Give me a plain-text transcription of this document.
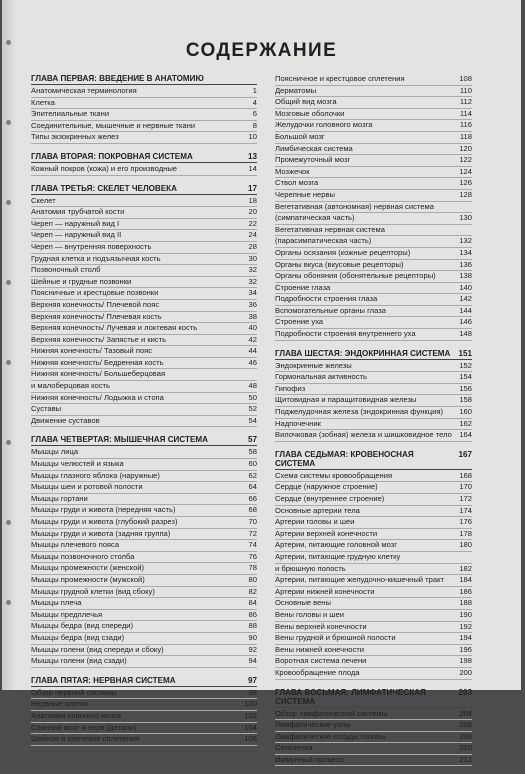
СОДЕРЖАНИЕ
ГЛАВА ПЕРВАЯ: ВВЕДЕНИЕ В АНАТОМИЮ
Анатомическая терминология	1
Клетка	4
Эпителиальные ткани	6
Соединительные, мышечные и нервные ткани	8
Типы экзокринных желез	10
ГЛАВА ВТОРАЯ: ПОКРОВНАЯ СИСТЕМА	13
Кожный покров (кожа) и его производные	14
ГЛАВА ТРЕТЬЯ: СКЕЛЕТ ЧЕЛОВЕКА	17
Скелет	18
Анатомия трубчатой кости	20
Череп — наружный вид I	22
Череп — наружный вид II	24
Череп — внутренняя поверхность	28
Грудная клетка и подъязычная кость	30
Позвоночный столб	32
Шейные и грудные позвонки	32
Поясничные и крестцовые позвонки	34
Верхняя конечность/ Плечевой пояс	36
Верхняя конечность/ Плечевая кость	38
Верхняя конечность/ Лучевая и локтевая кость	40
Верхняя конечность/ Запястье и кисть	42
Нижняя конечность/ Тазовый пояс	44
Нижняя конечность/ Бедренная кость	46
Нижняя конечность/ Большеберцовая
и малоберцовая кость	48
Нижняя конечность/ Лодыжка и стопа	50
Суставы	52
Движение суставов	54
ГЛАВА ЧЕТВЕРТАЯ: МЫШЕЧНАЯ СИСТЕМА	57
Мышцы лица	58
Мышцы челюстей и языка	60
Мышцы глазного яблока (наружные)	62
Мышцы шеи и ротовой полости	64
Мышцы гортани	66
Мышцы груди и живота (передняя часть)	68
Мышцы груди и живота (глубокий разрез)	70
Мышцы груди и живота (задняя группа)	72
Мышцы плечевого пояса	74
Мышцы позвоночного столба	76
Мышцы промежности (женской)	78
Мышцы промежности (мужской)	80
Мышцы грудной клетки (вид сбоку)	82
Мышцы плеча	84
Мышцы предплечья	86
Мышцы бедра (вид спереди)	88
Мышцы бедра (вид сзади)	90
Мышцы голени (вид спереди и сбоку)	92
Мышцы голени (вид сзади)	94
ГЛАВА ПЯТАЯ: НЕРВНАЯ СИСТЕМА	97
Обзор нервной системы	98
Нервные клетки	100
Анатомия спинного мозга	102
Спинной мозг и нерв (детали)	104
Шейное и плечевое сплетения	106
Поясничное и крестцовое сплетения	108
Дерматомы	110
Общий вид мозга	112
Мозговые оболочки	114
Желудочки головного мозга	116
Большой мозг	118
Лимбическая система	120
Промежуточный мозг	122
Мозжечок	124
Ствол мозга	126
Черепные нервы	128
Вегетативная (автономная) нервная система
(симпатическая часть)	130
Вегетативная нервная система
(парасимпатическая часть)	132
Органы осязания (кожные рецепторы)	134
Органы вкуса (вкусовые рецепторы)	136
Органы обоняния (обонятельные рецепторы)	138
Строение глаза	140
Подробности строения глаза	142
Вспомогательные органы глаза	144
Строение уха	146
Подробности строения внутреннего уха	148
ГЛАВА ШЕСТАЯ: ЭНДОКРИННАЯ СИСТЕМА	151
Эндокринные железы	152
Гормональная активность	154
Гипофиз	156
Щитовидная и паращитовидная железы	158
Поджелудочная железа (эндокринная функция)	160
Надпочечник	162
Вилочковая (зобная) железа и шишковидное тело 164
ГЛАВА СЕДЬМАЯ: КРОВЕНОСНАЯ СИСТЕМА
167
Схема системы кровообращения	168
Сердце (наружное строение)	170
Сердце (внутреннее строение)	172
Основные артерии тела	174
Артерии головы и шеи	176
Артерии верхней конечности	178
Артерии, питающие головной мозг	180
Артерии, питающие грудную клетку
и брюшную полость	182
Артерии, питающие желудочно-кишечный тракт	184
Артерии нижней конечности	186
Основные вены	188
Вены головы и шеи	190
Вены верхней конечности	192
Вены грудной и брюшной полости	194
Вены нижней конечности	196
Воротная система печени	198
Кровообращение плода	200
ГЛАВА ВОСЬМАЯ: ЛИМФАТИЧЕСКАЯ СИСТЕМА
203
Обзор лимфатической системы	204
Лимфатические узлы	206
Лимфатические сосуды головы	208
Селезенка	210
Иммунный процесс	212
